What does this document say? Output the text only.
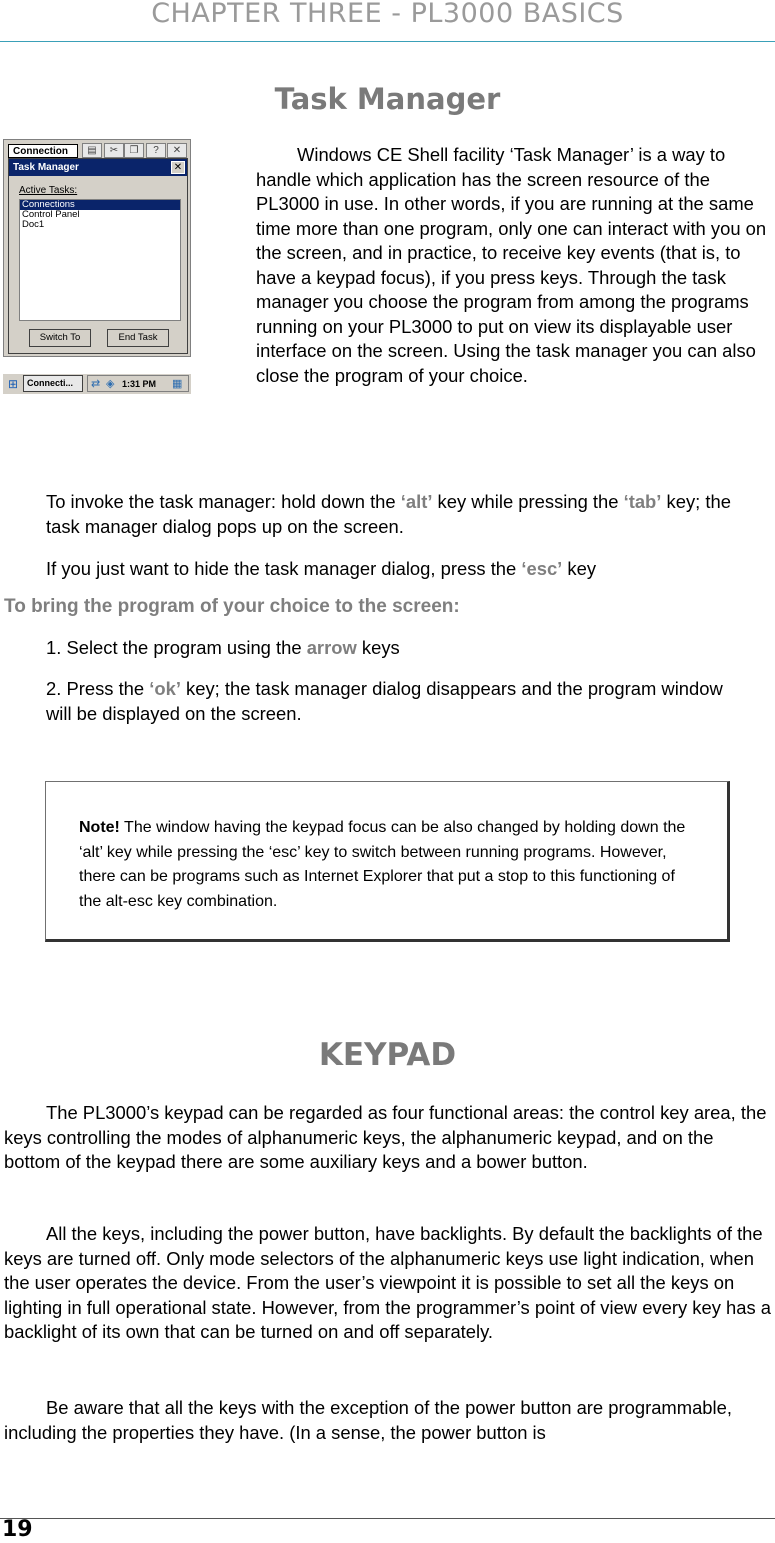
CHAPTER THREE - PL3000 BASICS
Task Manager
Connection	▤	✂	❐	?	✕
Task Manager	✕
Active Tasks:
Connections
Control Panel
Doc1
Switch To	End Task
⊞ Connecti...	⇄ ◈ 1:31 PM ▦
Windows CE Shell facility ‘Task Manager’ is a way to handle which application has the screen resource of the PL3000 in use. In other words, if you are running at the same time more than one program, only one can interact with you on the screen, and in practice, to receive key events (that is, to have a keypad focus), if you press keys. Through the task manager you choose the program from among the programs running on your PL3000 to put on view its displayable user interface on the screen. Using the task manager you can also close the program of your choice.
To invoke the task manager: hold down the ‘alt’ key while pressing the ‘tab’ key; the task manager dialog pops up on the screen.
If you just want to hide the task manager dialog, press the ‘esc’ key
To bring the program of your choice to the screen:
1. Select the program using the arrow keys
2. Press the ‘ok’ key; the task manager dialog disappears and the program window will be displayed on the screen.
Note! The window having the keypad focus can be also changed by holding down the ‘alt’ key while pressing the ‘esc’ key to switch between running programs. However, there can be programs such as Internet Explorer that put a stop to this functioning of the alt-esc key combination.
KEYPAD
The PL3000’s keypad can be regarded as four functional areas: the control key area, the keys controlling the modes of alphanumeric keys, the alphanumeric keypad, and on the bottom of the keypad there are some auxiliary keys and a bower button.
All the keys, including the power button, have backlights. By default the backlights of the keys are turned off. Only mode selectors of the alphanumeric keys use light indication, when the user operates the device. From the user’s viewpoint it is possible to set all the keys on lighting in full operational state. However, from the programmer’s point of view every key has a backlight of its own that can be turned on and off separately.
Be aware that all the keys with the exception of the power button are programmable, including the properties they have. (In a sense, the power button is
19
